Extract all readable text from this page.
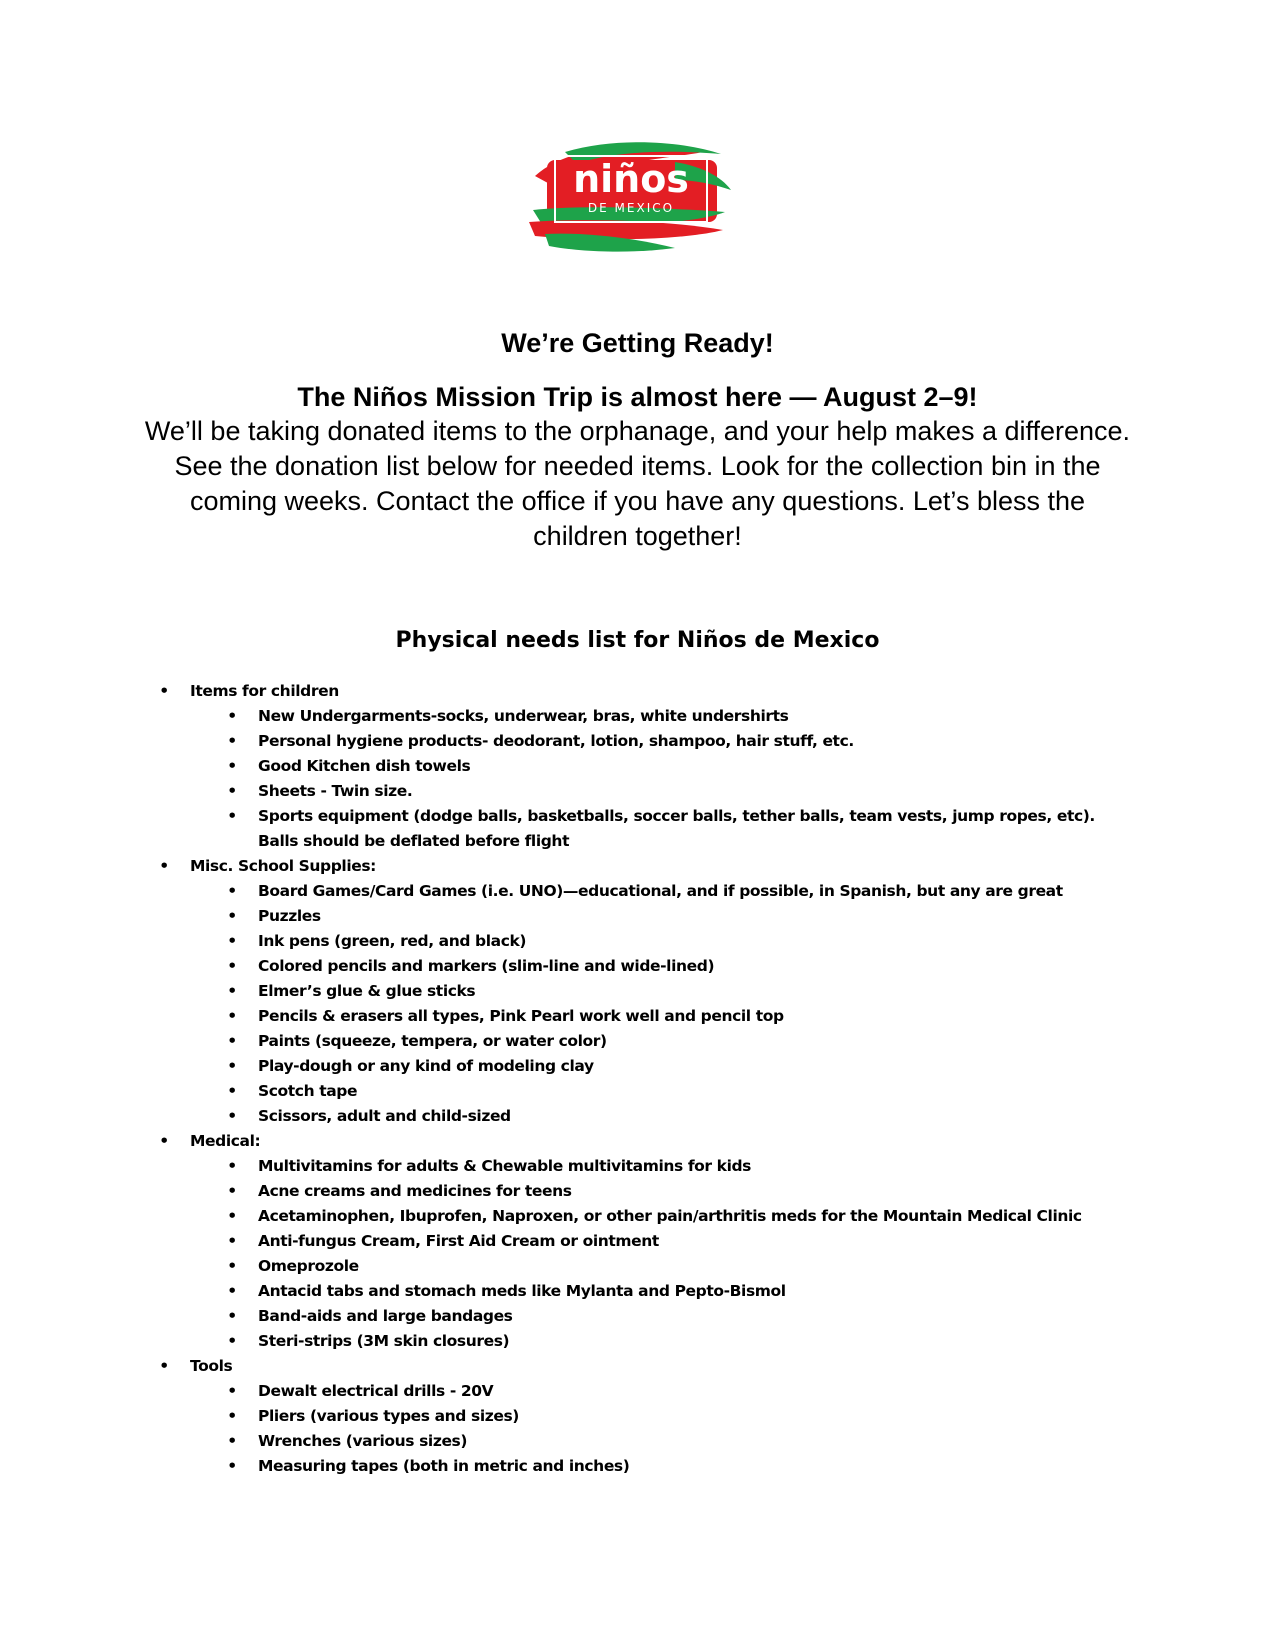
niños
DE MEXICO
We’re Getting Ready!
The Niños Mission Trip is almost here — August 2–9!
We’ll be taking donated items to the orphanage, and your help makes a difference. See the donation list below for needed items. Look for the collection bin in the coming weeks. Contact the office if you have any questions. Let’s bless the children together!
Physical needs list for Niños de Mexico
• Items for children
• New Undergarments-socks, underwear, bras, white undershirts
• Personal hygiene products- deodorant, lotion, shampoo, hair stuff, etc.
• Good Kitchen dish towels
• Sheets - Twin size.
• Sports equipment (dodge balls, basketballs, soccer balls, tether balls, team vests, jump ropes, etc). Balls should be deflated before flight
• Misc. School Supplies:
• Board Games/Card Games (i.e. UNO)—educational, and if possible, in Spanish, but any are great
• Puzzles
• Ink pens (green, red, and black)
• Colored pencils and markers (slim-line and wide-lined)
• Elmer’s glue & glue sticks
• Pencils & erasers all types, Pink Pearl work well and pencil top
• Paints (squeeze, tempera, or water color)
• Play-dough or any kind of modeling clay
• Scotch tape
• Scissors, adult and child-sized
• Medical:
• Multivitamins for adults & Chewable multivitamins for kids
• Acne creams and medicines for teens
• Acetaminophen, Ibuprofen, Naproxen, or other pain/arthritis meds for the Mountain Medical Clinic
• Anti-fungus Cream, First Aid Cream or ointment
• Omeprozole
• Antacid tabs and stomach meds like Mylanta and Pepto-Bismol
• Band-aids and large bandages
• Steri-strips (3M skin closures)
• Tools
• Dewalt electrical drills - 20V
• Pliers (various types and sizes)
• Wrenches (various sizes)
• Measuring tapes (both in metric and inches)
